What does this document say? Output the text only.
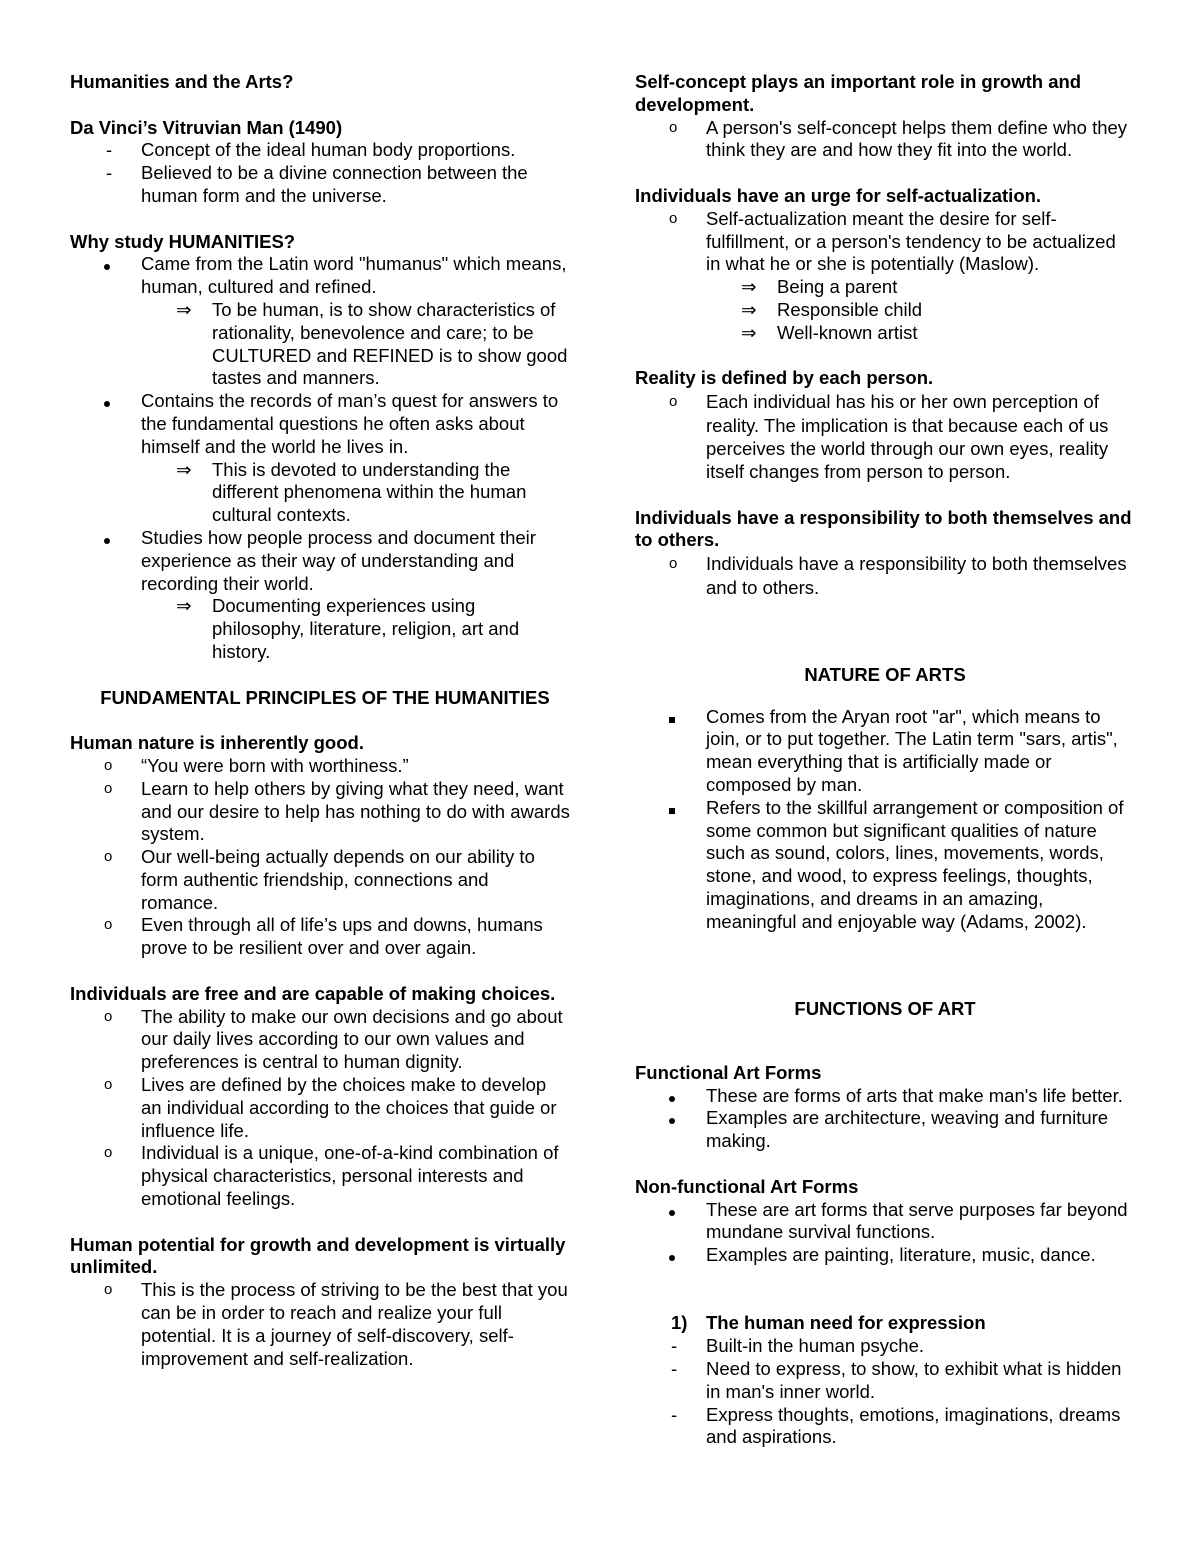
Humanities and the Arts?

Da Vinci’s Vitruvian Man (1490)

-	Concept of the ideal human body proportions.
-	Believed to be a divine connection between the human form and the universe.

Why study HUMANITIES?

Came from the Latin word "humanus" which means, human, cultured and refined.
⇒ To be human, is to show characteristics of rationality, benevolence and care; to be CULTURED and REFINED is to show good tastes and manners.
Contains the records of man’s quest for answers to the fundamental questions he often asks about himself and the world he lives in.
⇒ This is devoted to understanding the different phenomena within the human cultural contexts.
Studies how people process and document their experience as their way of understanding and recording their world.
⇒ Documenting experiences using philosophy, literature, religion, art and history.

FUNDAMENTAL PRINCIPLES OF THE HUMANITIES

Human nature is inherently good.

o	“You were born with worthiness.”
o	Learn to help others by giving what they need, want and our desire to help has nothing to do with awards system.
o	Our well-being actually depends on our ability to form authentic friendship, connections and romance.
o	Even through all of life’s ups and downs, humans prove to be resilient over and over again.

Individuals are free and are capable of making choices.

o	The ability to make our own decisions and go about our daily lives according to our own values and preferences is central to human dignity.
o	Lives are defined by the choices make to develop an individual according to the choices that guide or influence life.
o	Individual is a unique, one-of-a-kind combination of physical characteristics, personal interests and emotional feelings.

Human potential for growth and development is virtually unlimited.

o	This is the process of striving to be the best that you can be in order to reach and realize your full potential. It is a journey of self-discovery, self-improvement and self-realization.

Self-concept plays an important role in growth and development.

o	A person's self-concept helps them define who they think they are and how they fit into the world.

Individuals have an urge for self-actualization.

o	Self-actualization meant the desire for self-fulfillment, or a person's tendency to be actualized in what he or she is potentially (Maslow).
⇒ Being a parent
⇒ Responsible child
⇒ Well-known artist

Reality is defined by each person.

o	Each individual has his or her own perception of reality. The implication is that because each of us perceives the world through our own eyes, reality itself changes from person to person.

Individuals have a responsibility to both themselves and to others.

o	Individuals have a responsibility to both themselves and to others.

NATURE OF ARTS

Comes from the Aryan root "ar", which means to join, or to put together. The Latin term "sars, artis", mean everything that is artificially made or composed by man.
Refers to the skillful arrangement or composition of some common but significant qualities of nature such as sound, colors, lines, movements, words, stone, and wood, to express feelings, thoughts, imaginations, and dreams in an amazing, meaningful and enjoyable way (Adams, 2002).

FUNCTIONS OF ART

Functional Art Forms

These are forms of arts that make man's life better.
Examples are architecture, weaving and furniture making.

Non-functional Art Forms

These are art forms that serve purposes far beyond mundane survival functions.
Examples are painting, literature, music, dance.
1) The human need for expression
-	Built-in the human psyche.
-	Need to express, to show, to exhibit what is hidden in man's inner world.
-	Express thoughts, emotions, imaginations, dreams and aspirations.
